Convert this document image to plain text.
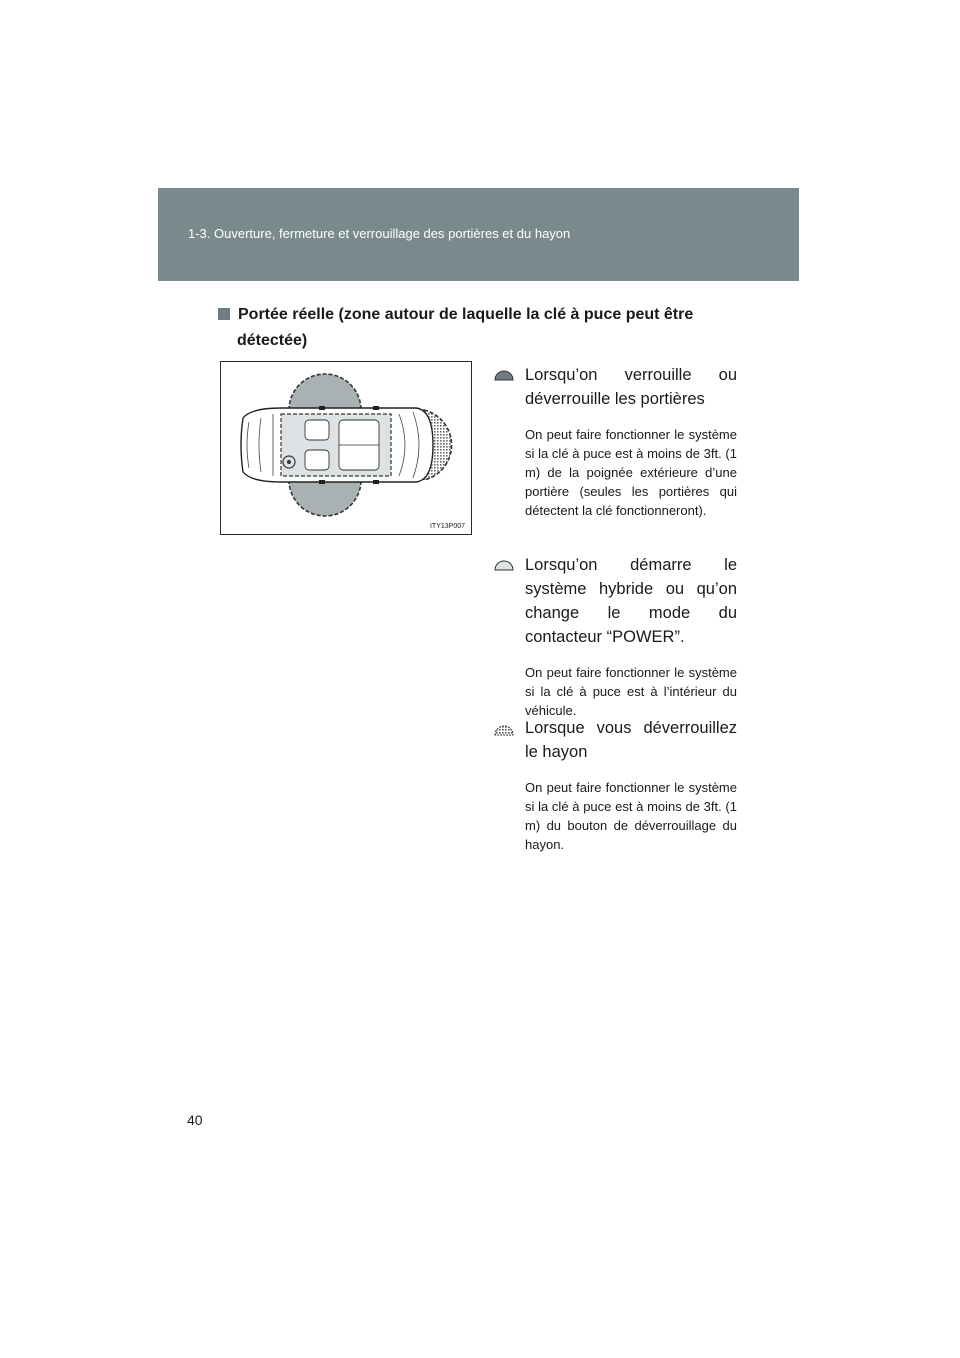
1-3. Ouverture, fermeture et verrouillage des portières et du hayon
Portée réelle (zone autour de laquelle la clé à puce peut être
détectée)
ITY13P007
Lorsqu’on verrouille ou déverrouille les portières
On peut faire fonctionner le système si la clé à puce est à moins de 3ft. (1 m) de la poignée extérieure d’une portière (seules les portières qui détectent la clé fonctionneront).
Lorsqu’on démarre le système hybride ou qu’on change le mode du contacteur “POWER”.
On peut faire fonctionner le système si la clé à puce est à l’intérieur du véhicule.
Lorsque vous déverrouillez le hayon
On peut faire fonctionner le système si la clé à puce est à moins de 3ft. (1 m) du bouton de déverrouillage du hayon.
40
